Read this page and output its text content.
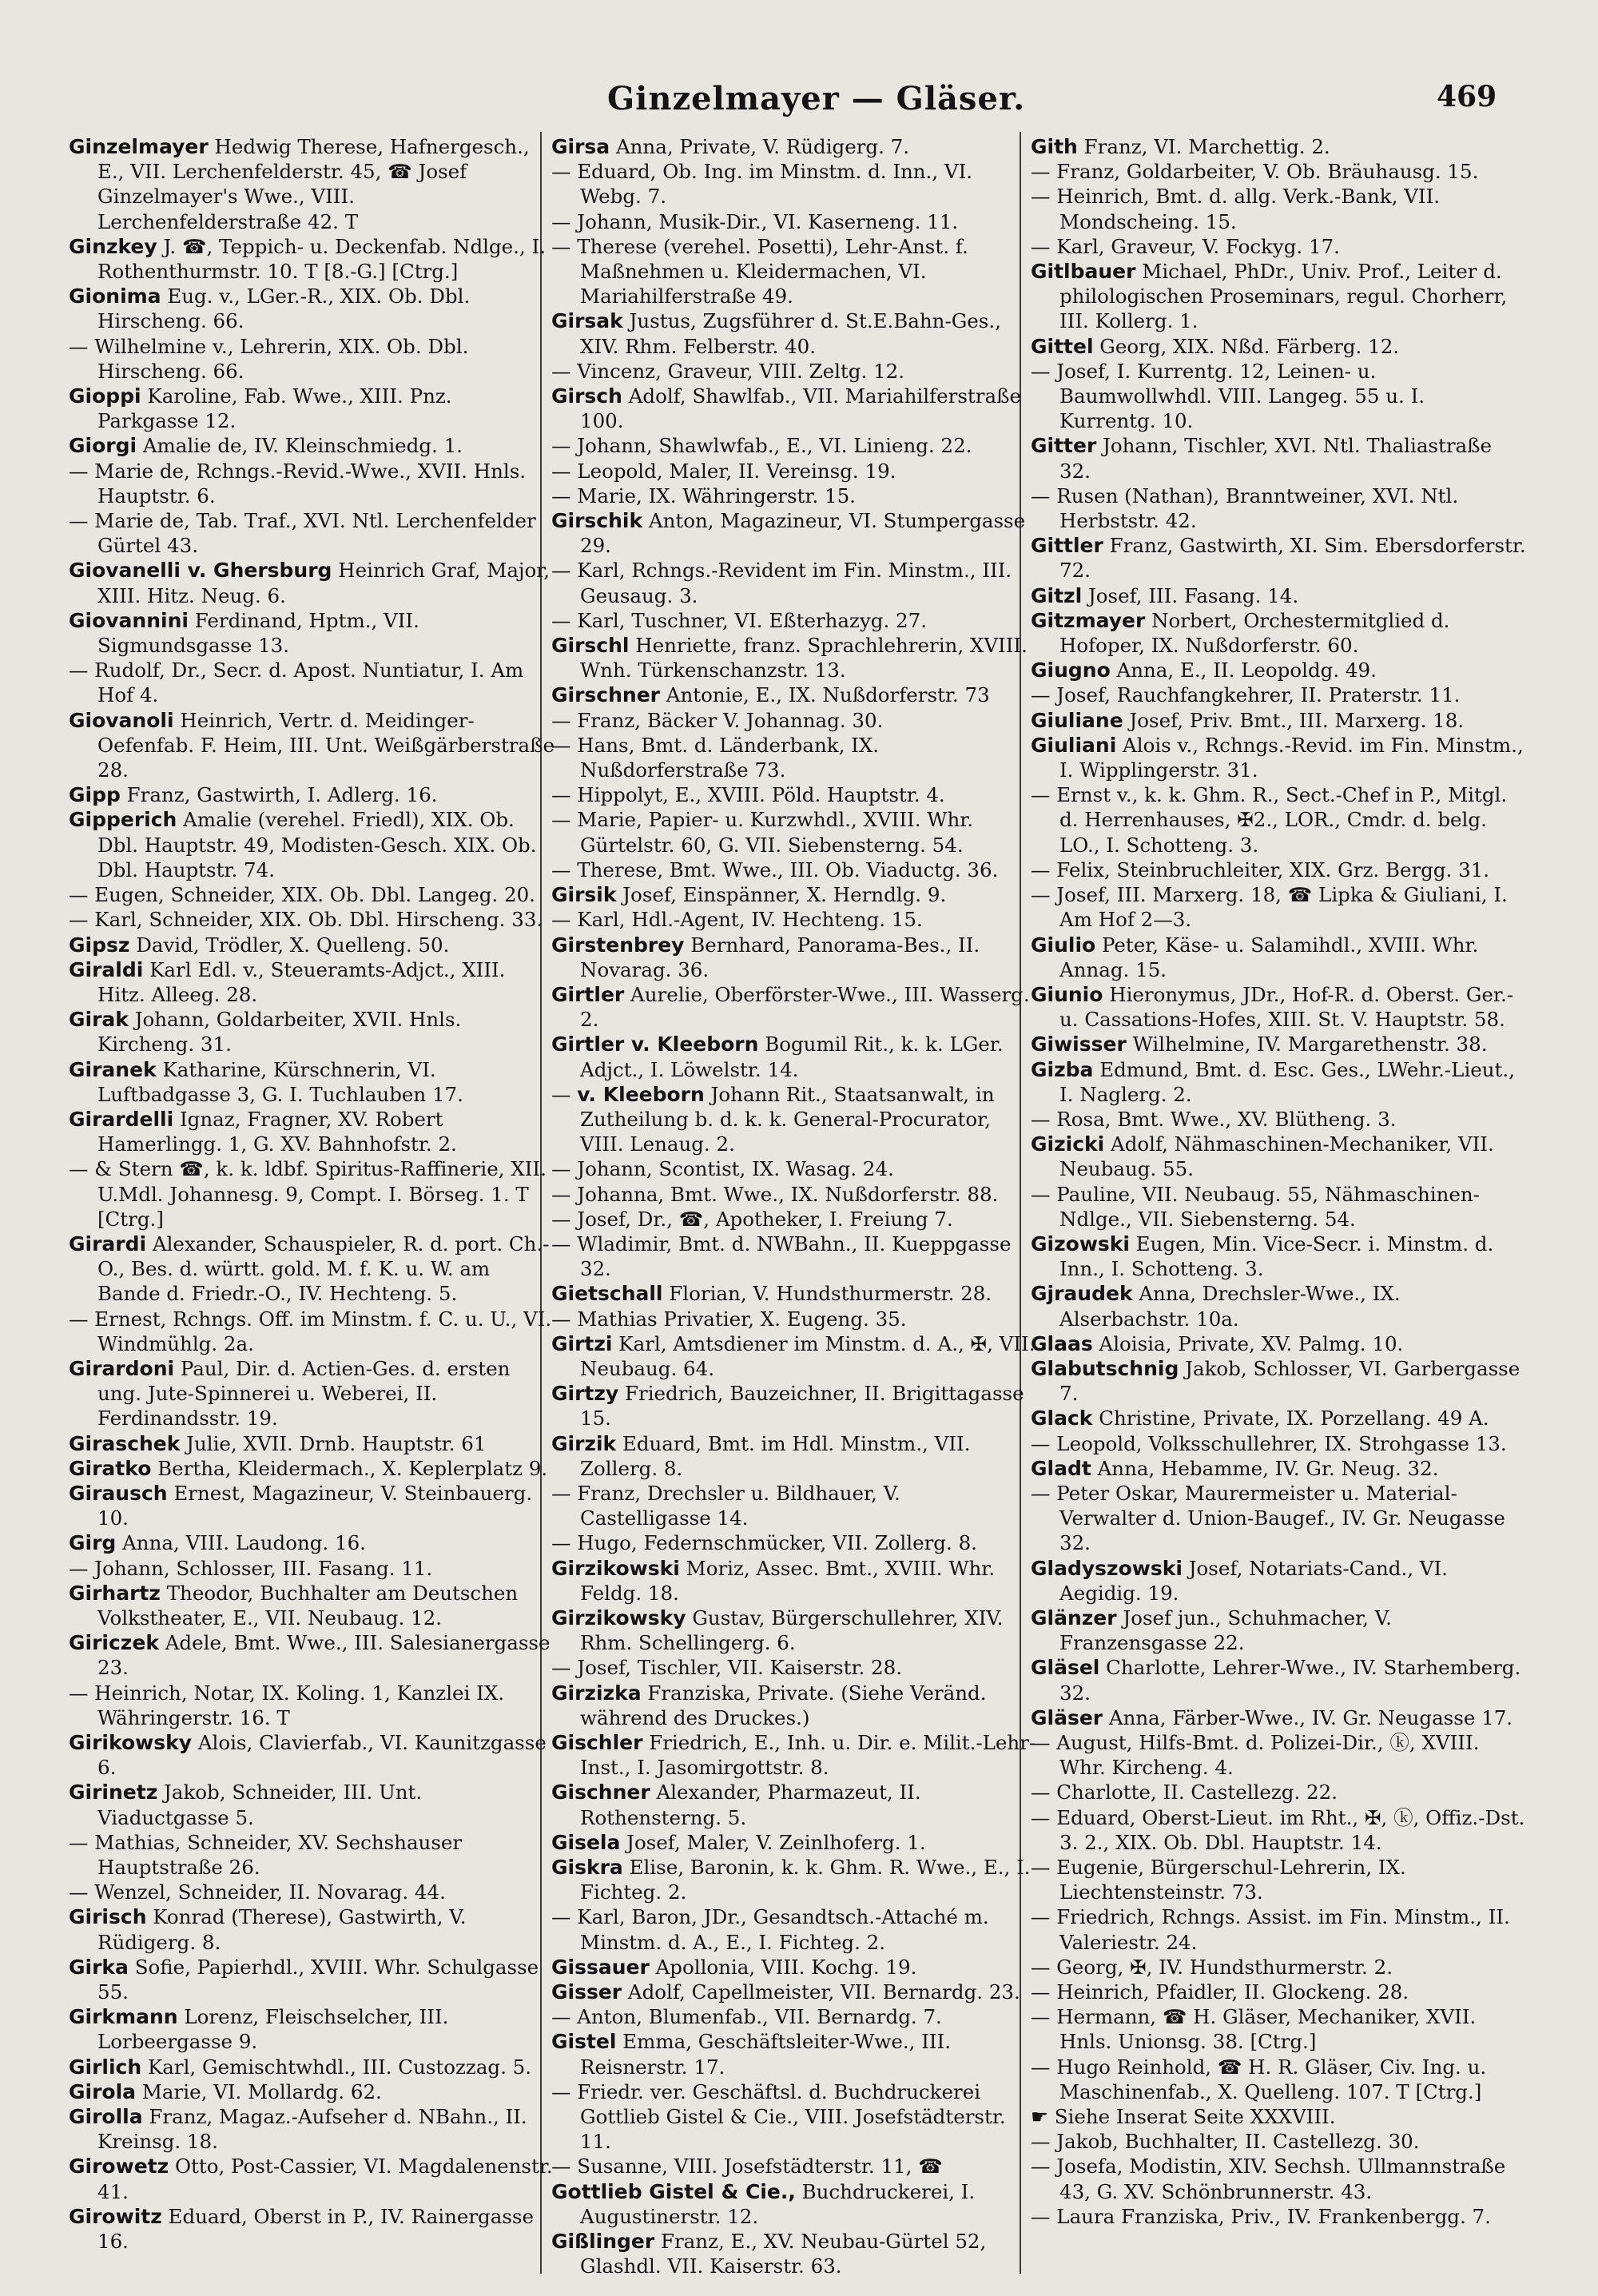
Ginzelmayer — Gläser.	469

Ginzelmayer Hedwig Therese, Hafnergesch., E., VII. Lerchenfelderstr. 45, ☎ Josef Ginzelmayer's Wwe., VIII. Lerchenfelderstraße 42. T

Ginzkey J. ☎, Teppich- u. Deckenfab. Ndlge., I. Rothenthurmstr. 10. T [8.-G.] [Ctrg.]

Gionima Eug. v., LGer.-R., XIX. Ob. Dbl. Hirscheng. 66.

— Wilhelmine v., Lehrerin, XIX. Ob. Dbl. Hirscheng. 66.

Gioppi Karoline, Fab. Wwe., XIII. Pnz. Parkgasse 12.

Giorgi Amalie de, IV. Kleinschmiedg. 1.

— Marie de, Rchngs.-Revid.-Wwe., XVII. Hnls. Hauptstr. 6.

— Marie de, Tab. Traf., XVI. Ntl. Lerchenfelder Gürtel 43.

Giovanelli v. Ghersburg Heinrich Graf, Major, XIII. Hitz. Neug. 6.

Giovannini Ferdinand, Hptm., VII. Sigmundsgasse 13.

— Rudolf, Dr., Secr. d. Apost. Nuntiatur, I. Am Hof 4.

Giovanoli Heinrich, Vertr. d. Meidinger-Oefenfab. F. Heim, III. Unt. Weißgärberstraße 28.

Gipp Franz, Gastwirth, I. Adlerg. 16.

Gipperich Amalie (verehel. Friedl), XIX. Ob. Dbl. Hauptstr. 49, Modisten-Gesch. XIX. Ob. Dbl. Hauptstr. 74.

— Eugen, Schneider, XIX. Ob. Dbl. Langeg. 20.

— Karl, Schneider, XIX. Ob. Dbl. Hirscheng. 33.

Gipsz David, Trödler, X. Quelleng. 50.

Giraldi Karl Edl. v., Steueramts-Adjct., XIII. Hitz. Alleeg. 28.

Girak Johann, Goldarbeiter, XVII. Hnls. Kircheng. 31.

Giranek Katharine, Kürschnerin, VI. Luftbadgasse 3, G. I. Tuchlauben 17.

Girardelli Ignaz, Fragner, XV. Robert Hamerlingg. 1, G. XV. Bahnhofstr. 2.

— & Stern ☎, k. k. ldbf. Spiritus-Raffinerie, XII. U.Mdl. Johannesg. 9, Compt. I. Börseg. 1. T [Ctrg.]

Girardi Alexander, Schauspieler, R. d. port. Ch.-O., Bes. d. württ. gold. M. f. K. u. W. am Bande d. Friedr.-O., IV. Hechteng. 5.

— Ernest, Rchngs. Off. im Minstm. f. C. u. U., VI. Windmühlg. 2a.

Girardoni Paul, Dir. d. Actien-Ges. d. ersten ung. Jute-Spinnerei u. Weberei, II. Ferdinandsstr. 19.

Giraschek Julie, XVII. Drnb. Hauptstr. 61

Giratko Bertha, Kleidermach., X. Keplerplatz 9.

Girausch Ernest, Magazineur, V. Steinbauerg. 10.

Girg Anna, VIII. Laudong. 16.

— Johann, Schlosser, III. Fasang. 11.

Girhartz Theodor, Buchhalter am Deutschen Volkstheater, E., VII. Neubaug. 12.

Giriczek Adele, Bmt. Wwe., III. Salesianergasse 23.

— Heinrich, Notar, IX. Koling. 1, Kanzlei IX. Währingerstr. 16. T

Girikowsky Alois, Clavierfab., VI. Kaunitzgasse 6.

Girinetz Jakob, Schneider, III. Unt. Viaductgasse 5.

— Mathias, Schneider, XV. Sechshauser Hauptstraße 26.

— Wenzel, Schneider, II. Novarag. 44.

Girisch Konrad (Therese), Gastwirth, V. Rüdigerg. 8.

Girka Sofie, Papierhdl., XVIII. Whr. Schulgasse 55.

Girkmann Lorenz, Fleischselcher, III. Lorbeergasse 9.

Girlich Karl, Gemischtwhdl., III. Custozzag. 5.

Girola Marie, VI. Mollardg. 62.

Girolla Franz, Magaz.-Aufseher d. NBahn., II. Kreinsg. 18.

Girowetz Otto, Post-Cassier, VI. Magdalenenstr. 41.

Girowitz Eduard, Oberst in P., IV. Rainergasse 16.

Girsa Anna, Private, V. Rüdigerg. 7.

— Eduard, Ob. Ing. im Minstm. d. Inn., VI. Webg. 7.

— Johann, Musik-Dir., VI. Kaserneng. 11.

— Therese (verehel. Posetti), Lehr-Anst. f. Maßnehmen u. Kleidermachen, VI. Mariahilferstraße 49.

Girsak Justus, Zugsführer d. St.E.Bahn-Ges., XIV. Rhm. Felberstr. 40.

— Vincenz, Graveur, VIII. Zeltg. 12.

Girsch Adolf, Shawlfab., VII. Mariahilferstraße 100.

— Johann, Shawlwfab., E., VI. Linieng. 22.

— Leopold, Maler, II. Vereinsg. 19.

— Marie, IX. Währingerstr. 15.

Girschik Anton, Magazineur, VI. Stumpergasse 29.

— Karl, Rchngs.-Revident im Fin. Minstm., III. Geusaug. 3.

— Karl, Tuschner, VI. Eßterhazyg. 27.

Girschl Henriette, franz. Sprachlehrerin, XVIII. Wnh. Türkenschanzstr. 13.

Girschner Antonie, E., IX. Nußdorferstr. 73

— Franz, Bäcker V. Johannag. 30.

— Hans, Bmt. d. Länderbank, IX. Nußdorferstraße 73.

— Hippolyt, E., XVIII. Pöld. Hauptstr. 4.

— Marie, Papier- u. Kurzwhdl., XVIII. Whr. Gürtelstr. 60, G. VII. Siebensterng. 54.

— Therese, Bmt. Wwe., III. Ob. Viaductg. 36.

Girsik Josef, Einspänner, X. Herndlg. 9.

— Karl, Hdl.-Agent, IV. Hechteng. 15.

Girstenbrey Bernhard, Panorama-Bes., II. Novarag. 36.

Girtler Aurelie, Oberförster-Wwe., III. Wasserg. 2.

Girtler v. Kleeborn Bogumil Rit., k. k. LGer. Adjct., I. Löwelstr. 14.

— v. Kleeborn Johann Rit., Staatsanwalt, in Zutheilung b. d. k. k. General-Procurator, VIII. Lenaug. 2.

— Johann, Scontist, IX. Wasag. 24.

— Johanna, Bmt. Wwe., IX. Nußdorferstr. 88.

— Josef, Dr., ☎, Apotheker, I. Freiung 7.

— Wladimir, Bmt. d. NWBahn., II. Kueppgasse 32.

Gietschall Florian, V. Hundsthurmerstr. 28.

— Mathias Privatier, X. Eugeng. 35.

Girtzi Karl, Amtsdiener im Minstm. d. A., ✠, VII. Neubaug. 64.

Girtzy Friedrich, Bauzeichner, II. Brigittagasse 15.

Girzik Eduard, Bmt. im Hdl. Minstm., VII. Zollerg. 8.

— Franz, Drechsler u. Bildhauer, V. Castelligasse 14.

— Hugo, Federnschmücker, VII. Zollerg. 8.

Girzikowski Moriz, Assec. Bmt., XVIII. Whr. Feldg. 18.

Girzikowsky Gustav, Bürgerschullehrer, XIV. Rhm. Schellingerg. 6.

— Josef, Tischler, VII. Kaiserstr. 28.

Girzizka Franziska, Private. (Siehe Veränd. während des Druckes.)

Gischler Friedrich, E., Inh. u. Dir. e. Milit.-Lehr-Inst., I. Jasomirgottstr. 8.

Gischner Alexander, Pharmazeut, II. Rothensterng. 5.

Gisela Josef, Maler, V. Zeinlhoferg. 1.

Giskra Elise, Baronin, k. k. Ghm. R. Wwe., E., I. Fichteg. 2.

— Karl, Baron, JDr., Gesandtsch.-Attaché m. Minstm. d. A., E., I. Fichteg. 2.

Gissauer Apollonia, VIII. Kochg. 19.

Gisser Adolf, Capellmeister, VII. Bernardg. 23.

— Anton, Blumenfab., VII. Bernardg. 7.

Gistel Emma, Geschäftsleiter-Wwe., III. Reisnerstr. 17.

— Friedr. ver. Geschäftsl. d. Buchdruckerei Gottlieb Gistel & Cie., VIII. Josefstädterstr. 11.

— Susanne, VIII. Josefstädterstr. 11, ☎

Gottlieb Gistel & Cie., Buchdruckerei, I. Augustinerstr. 12.

Gißlinger Franz, E., XV. Neubau-Gürtel 52, Glashdl. VII. Kaiserstr. 63.

Gith Franz, VI. Marchettig. 2.

— Franz, Goldarbeiter, V. Ob. Bräuhausg. 15.

— Heinrich, Bmt. d. allg. Verk.-Bank, VII. Mondscheing. 15.

— Karl, Graveur, V. Fockyg. 17.

Gitlbauer Michael, PhDr., Univ. Prof., Leiter d. philologischen Proseminars, regul. Chorherr, III. Kollerg. 1.

Gittel Georg, XIX. Nßd. Färberg. 12.

— Josef, I. Kurrentg. 12, Leinen- u. Baumwollwhdl. VIII. Langeg. 55 u. I. Kurrentg. 10.

Gitter Johann, Tischler, XVI. Ntl. Thaliastraße 32.

— Rusen (Nathan), Branntweiner, XVI. Ntl. Herbststr. 42.

Gittler Franz, Gastwirth, XI. Sim. Ebersdorferstr. 72.

Gitzl Josef, III. Fasang. 14.

Gitzmayer Norbert, Orchestermitglied d. Hofoper, IX. Nußdorferstr. 60.

Giugno Anna, E., II. Leopoldg. 49.

— Josef, Rauchfangkehrer, II. Praterstr. 11.

Giuliane Josef, Priv. Bmt., III. Marxerg. 18.

Giuliani Alois v., Rchngs.-Revid. im Fin. Minstm., I. Wipplingerstr. 31.

— Ernst v., k. k. Ghm. R., Sect.-Chef in P., Mitgl. d. Herrenhauses, ✠2., LOR., Cmdr. d. belg. LO., I. Schotteng. 3.

— Felix, Steinbruchleiter, XIX. Grz. Bergg. 31.

— Josef, III. Marxerg. 18, ☎ Lipka & Giuliani, I. Am Hof 2—3.

Giulio Peter, Käse- u. Salamihdl., XVIII. Whr. Annag. 15.

Giunio Hieronymus, JDr., Hof-R. d. Oberst. Ger.- u. Cassations-Hofes, XIII. St. V. Hauptstr. 58.

Giwisser Wilhelmine, IV. Margarethenstr. 38.

Gizba Edmund, Bmt. d. Esc. Ges., LWehr.-Lieut., I. Naglerg. 2.

— Rosa, Bmt. Wwe., XV. Blütheng. 3.

Gizicki Adolf, Nähmaschinen-Mechaniker, VII. Neubaug. 55.

— Pauline, VII. Neubaug. 55, Nähmaschinen-Ndlge., VII. Siebensterng. 54.

Gizowski Eugen, Min. Vice-Secr. i. Minstm. d. Inn., I. Schotteng. 3.

Gjraudek Anna, Drechsler-Wwe., IX. Alserbachstr. 10a.

Glaas Aloisia, Private, XV. Palmg. 10.

Glabutschnig Jakob, Schlosser, VI. Garbergasse 7.

Glack Christine, Private, IX. Porzellang. 49 A.

— Leopold, Volksschullehrer, IX. Strohgasse 13.

Gladt Anna, Hebamme, IV. Gr. Neug. 32.

— Peter Oskar, Maurermeister u. Material-Verwalter d. Union-Baugef., IV. Gr. Neugasse 32.

Gladyszowski Josef, Notariats-Cand., VI. Aegidig. 19.

Glänzer Josef jun., Schuhmacher, V. Franzensgasse 22.

Gläsel Charlotte, Lehrer-Wwe., IV. Starhemberg. 32.

Gläser Anna, Färber-Wwe., IV. Gr. Neugasse 17.

— August, Hilfs-Bmt. d. Polizei-Dir., ⓚ, XVIII. Whr. Kircheng. 4.

— Charlotte, II. Castellezg. 22.

— Eduard, Oberst-Lieut. im Rht., ✠, ⓚ, Offiz.-Dst. 3. 2., XIX. Ob. Dbl. Hauptstr. 14.

— Eugenie, Bürgerschul-Lehrerin, IX. Liechtensteinstr. 73.

— Friedrich, Rchngs. Assist. im Fin. Minstm., II. Valeriestr. 24.

— Georg, ✠, IV. Hundsthurmerstr. 2.

— Heinrich, Pfaidler, II. Glockeng. 28.

— Hermann, ☎ H. Gläser, Mechaniker, XVII. Hnls. Unionsg. 38. [Ctrg.]

— Hugo Reinhold, ☎ H. R. Gläser, Civ. Ing. u. Maschinenfab., X. Quelleng. 107. T [Ctrg.]

☛ Siehe Inserat Seite XXXVIII.

— Jakob, Buchhalter, II. Castellezg. 30.

— Josefa, Modistin, XIV. Sechsh. Ullmannstraße 43, G. XV. Schönbrunnerstr. 43.

— Laura Franziska, Priv., IV. Frankenbergg. 7.
